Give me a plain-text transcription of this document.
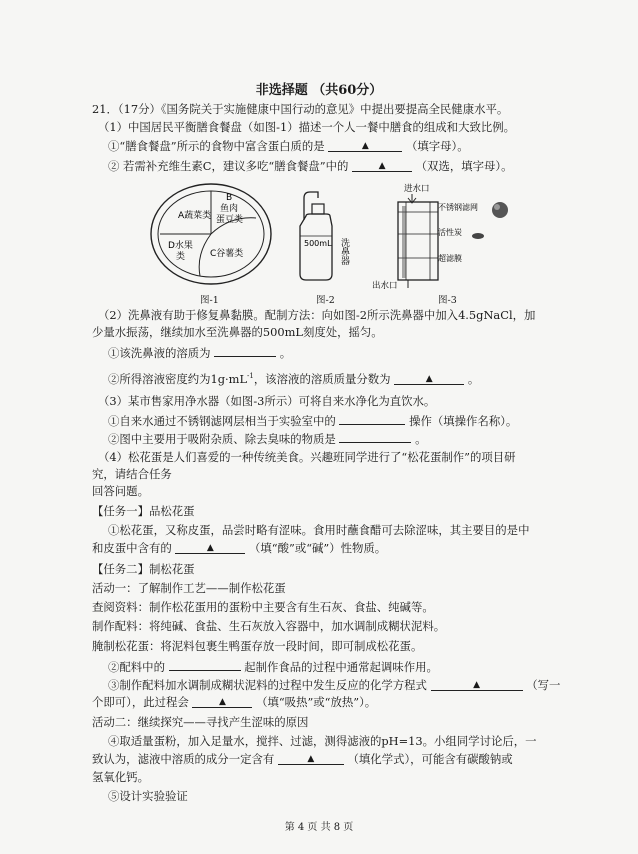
非选择题 （共60分）
21．（17分）《国务院关于实施健康中国行动的意见》中提出要提高全民健康水平。
（1）中国居民平衡膳食餐盘（如图-1）描述一个人一餐中膳食的组成和大致比例。
①“膳食餐盘”所示的食物中富含蛋白质的是	▲	（填字母）。
② 若需补充维生素C，建议多吃“膳食餐盘”中的	▲	（双选，填字母）。
A蔬菜类
B
鱼肉
蛋豆类
D水果
类	C谷薯类
图-1
500mL 洗鼻器
图-2
进水口
不锈钢滤网
活性炭
超滤膜
出水口
图-3
（2）洗鼻液有助于修复鼻黏膜。配制方法：向如图-2所示洗鼻器中加入4.5gNaCl，加
少量水振荡，继续加水至洗鼻器的500mL刻度处，摇匀。
①该洗鼻液的溶质为	。
②所得溶液密度约为$1g\cdot mL^{-1}$，该溶液的溶质质量分数为	▲	。
（3）某市售家用净水器（如图-3所示）可将自来水净化为直饮水。
①自来水通过不锈钢滤网层相当于实验室中的	操作（填操作名称）。
②图中主要用于吸附杂质、除去臭味的物质是	。
（4）松花蛋是人们喜爱的一种传统美食。兴趣班同学进行了“松花蛋制作”的项目研
究，请结合任务
回答问题。
【任务一】品松花蛋
①松花蛋，又称皮蛋，品尝时略有涩味。食用时蘸食醋可去除涩味，其主要目的是中
和皮蛋中含有的	▲	（填“酸”或“碱”）性物质。
【任务二】制松花蛋
活动一：了解制作工艺——制作松花蛋
查阅资料：制作松花蛋用的蛋粉中主要含有生石灰、食盐、纯碱等。
制作配料：将纯碱、食盐、生石灰放入容器中，加水调制成糊状泥料。
腌制松花蛋：将泥料包裹生鸭蛋存放一段时间，即可制成松花蛋。
②配料中的	起制作食品的过程中通常起调味作用。
③制作配料加水调制成糊状泥料的过程中发生反应的化学方程式	▲	（写一
个即可），此过程会	▲	（填“吸热”或“放热”）。
活动二：继续探究——寻找产生涩味的原因
④取适量蛋粉，加入足量水，搅拌、过滤，测得滤液的pH=13。小组同学讨论后，一
致认为，滤液中溶质的成分一定含有	▲	（填化学式），可能含有碳酸钠或
氢氧化钙。
⑤设计实验验证
第 4 页 共 8 页
